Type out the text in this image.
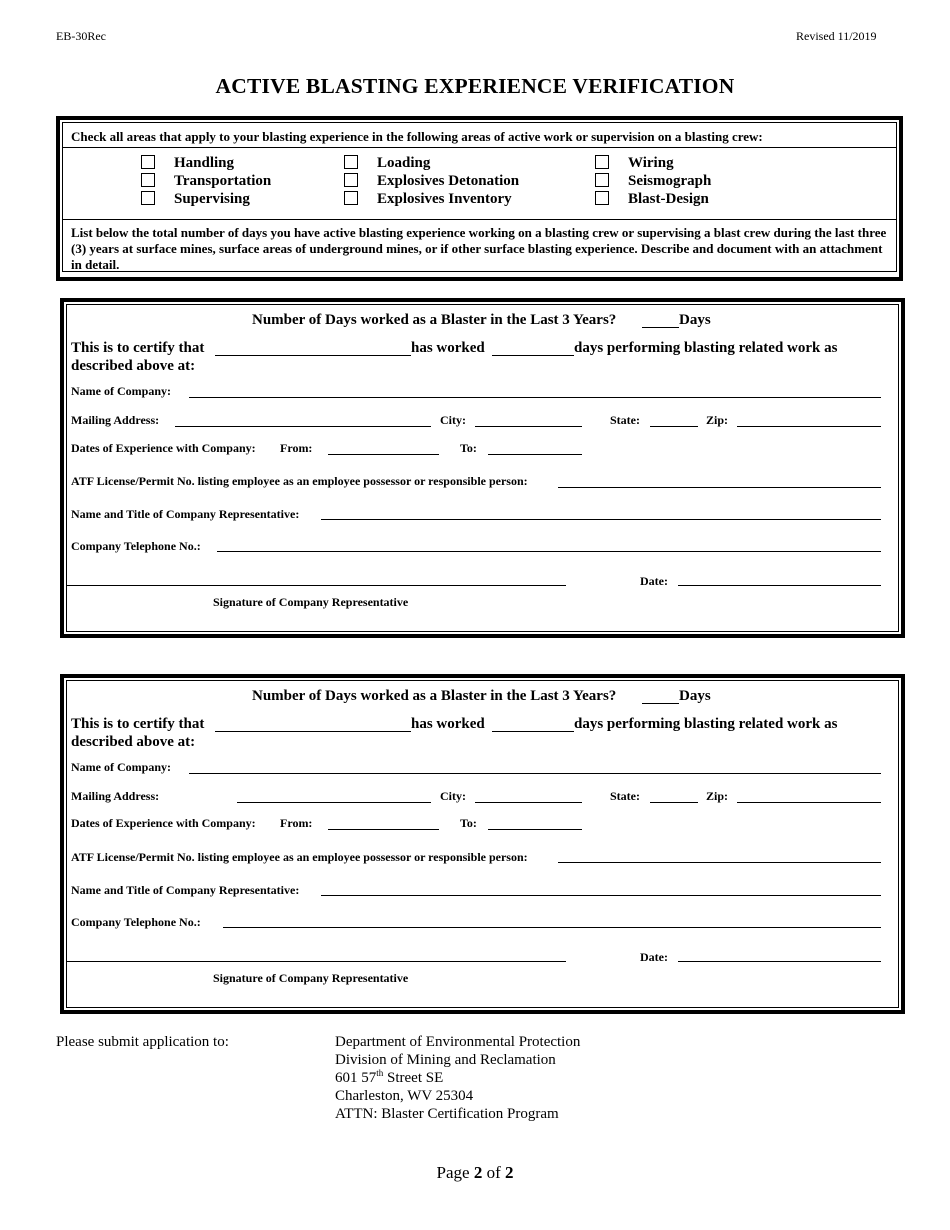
EB-30Rec	Revised 11/2019
ACTIVE BLASTING EXPERIENCE VERIFICATION
Check all areas that apply to your blasting experience in the following areas of active work or supervision on a blasting crew:
Handling
Transportation
Supervising
Loading
Explosives Detonation
Explosives Inventory
Wiring
Seismograph
Blast-Design
List below the total number of days you have active blasting experience working on a blasting crew or supervising a blast crew during the last three (3) years at surface mines, surface areas of underground mines, or if other surface blasting experience. Describe and document with an attachment in detail.
Number of Days worked as a Blaster in the Last 3 Years?	Days
This is to certify that	has worked	days performing blasting related work as
described above at:
Name of Company:
Mailing Address:	City:	State:	Zip:
Dates of Experience with Company: From:	To:
ATF License/Permit No. listing employee as an employee possessor or responsible person:
Name and Title of Company Representative:
Company Telephone No.:
Date:
Signature of Company Representative
Number of Days worked as a Blaster in the Last 3 Years?	Days
This is to certify that	has worked	days performing blasting related work as
described above at:
Name of Company:
Mailing Address:	City:	State:	Zip:
Dates of Experience with Company: From:	To:
ATF License/Permit No. listing employee as an employee possessor or responsible person:
Name and Title of Company Representative:
Company Telephone No.:
Date:
Signature of Company Representative
Please submit application to:	Department of Environmental Protection
Division of Mining and Reclamation
601 57th Street SE
Charleston, WV 25304
ATTN: Blaster Certification Program
Page 2 of 2
